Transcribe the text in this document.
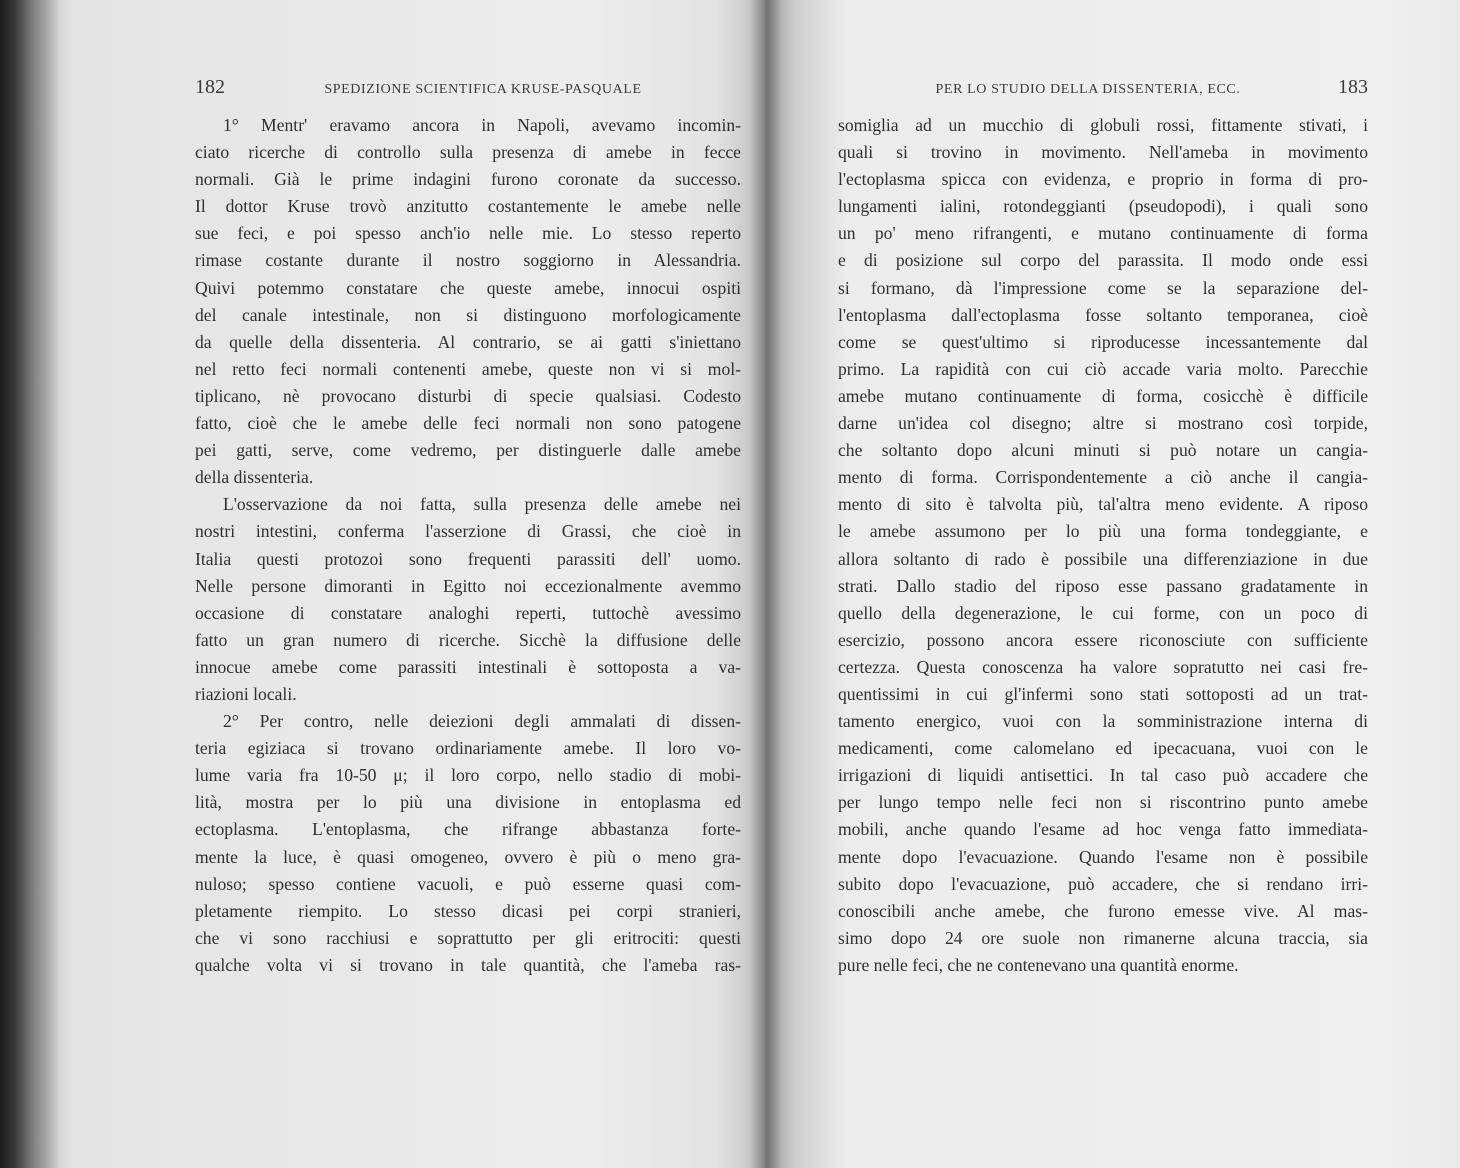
182	SPEDIZIONE SCIENTIFICA KRUSE-PASQUALE
1° Mentr' eravamo ancora in Napoli, avevamo incomin-
ciato ricerche di controllo sulla presenza di amebe in fecce
normali. Già le prime indagini furono coronate da successo.
Il dottor Kruse trovò anzitutto costantemente le amebe nelle
sue feci, e poi spesso anch'io nelle mie. Lo stesso reperto
rimase costante durante il nostro soggiorno in Alessandria.
Quivi potemmo constatare che queste amebe, innocui ospiti
del canale intestinale, non si distinguono morfologicamente
da quelle della dissenteria. Al contrario, se ai gatti s'iniettano
nel retto feci normali contenenti amebe, queste non vi si mol-
tiplicano, nè provocano disturbi di specie qualsiasi. Codesto
fatto, cioè che le amebe delle feci normali non sono patogene
pei gatti, serve, come vedremo, per distinguerle dalle amebe
della dissenteria.
L'osservazione da noi fatta, sulla presenza delle amebe nei
nostri intestini, conferma l'asserzione di Grassi, che cioè in
Italia questi protozoi sono frequenti parassiti dell' uomo.
Nelle persone dimoranti in Egitto noi eccezionalmente avemmo
occasione di constatare analoghi reperti, tuttochè avessimo
fatto un gran numero di ricerche. Sicchè la diffusione delle
innocue amebe come parassiti intestinali è sottoposta a va-
riazioni locali.
2° Per contro, nelle deiezioni degli ammalati di dissen-
teria egiziaca si trovano ordinariamente amebe. Il loro vo-
lume varia fra 10-50 μ; il loro corpo, nello stadio di mobi-
lità, mostra per lo più una divisione in entoplasma ed
ectoplasma. L'entoplasma, che rifrange abbastanza forte-
mente la luce, è quasi omogeneo, ovvero è più o meno gra-
nuloso; spesso contiene vacuoli, e può esserne quasi com-
pletamente riempito. Lo stesso dicasi pei corpi stranieri,
che vi sono racchiusi e soprattutto per gli eritrociti: questi
qualche volta vi si trovano in tale quantità, che l'ameba ras-
PER LO STUDIO DELLA DISSENTERIA, ECC.	183
somiglia ad un mucchio di globuli rossi, fittamente stivati, i
quali si trovino in movimento. Nell'ameba in movimento
l'ectoplasma spicca con evidenza, e proprio in forma di pro-
lungamenti ialini, rotondeggianti (pseudopodi), i quali sono
un po' meno rifrangenti, e mutano continuamente di forma
e di posizione sul corpo del parassita. Il modo onde essi
si formano, dà l'impressione come se la separazione del-
l'entoplasma dall'ectoplasma fosse soltanto temporanea, cioè
come se quest'ultimo si riproducesse incessantemente dal
primo. La rapidità con cui ciò accade varia molto. Parecchie
amebe mutano continuamente di forma, cosicchè è difficile
darne un'idea col disegno; altre si mostrano così torpide,
che soltanto dopo alcuni minuti si può notare un cangia-
mento di forma. Corrispondentemente a ciò anche il cangia-
mento di sito è talvolta più, tal'altra meno evidente. A riposo
le amebe assumono per lo più una forma tondeggiante, e
allora soltanto di rado è possibile una differenziazione in due
strati. Dallo stadio del riposo esse passano gradatamente in
quello della degenerazione, le cui forme, con un poco di
esercizio, possono ancora essere riconosciute con sufficiente
certezza. Questa conoscenza ha valore sopratutto nei casi fre-
quentissimi in cui gl'infermi sono stati sottoposti ad un trat-
tamento energico, vuoi con la somministrazione interna di
medicamenti, come calomelano ed ipecacuana, vuoi con le
irrigazioni di liquidi antisettici. In tal caso può accadere che
per lungo tempo nelle feci non si riscontrino punto amebe
mobili, anche quando l'esame ad hoc venga fatto immediata-
mente dopo l'evacuazione. Quando l'esame non è possibile
subito dopo l'evacuazione, può accadere, che si rendano irri-
conoscibili anche amebe, che furono emesse vive. Al mas-
simo dopo 24 ore suole non rimanerne alcuna traccia, sia
pure nelle feci, che ne contenevano una quantità enorme.
